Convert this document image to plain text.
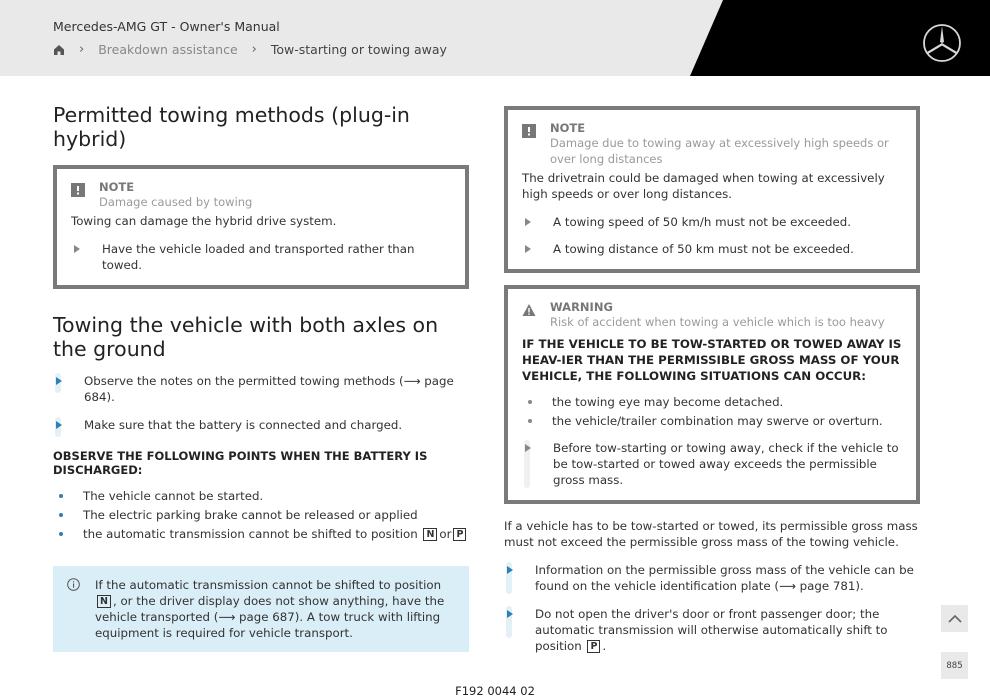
Mercedes-AMG GT - Owner's Manual
› Breakdown assistance › Tow-starting or towing away
Permitted towing methods (plug-in hybrid)
NOTE
Damage caused by towing
Towing can damage the hybrid drive system.
Have the vehicle loaded and transported rather than towed.
Towing the vehicle with both axles on the ground
Observe the notes on the permitted towing methods (⟶ page 684).
Make sure that the battery is connected and charged.
OBSERVE THE FOLLOWING POINTS WHEN THE BATTERY IS DISCHARGED:
The vehicle cannot be started.
The electric parking brake cannot be released or applied
the automatic transmission cannot be shifted to position N or P
If the automatic transmission cannot be shifted to position N , or the driver display does not show anything, have the vehicle transported (⟶ page 687). A tow truck with lifting equipment is required for vehicle transport.
NOTE
Damage due to towing away at excessively high speeds or over long distances
The drivetrain could be damaged when towing at excessively high speeds or over long distances.
A towing speed of 50 km/h must not be exceeded.
A towing distance of 50 km must not be exceeded.
WARNING
Risk of accident when towing a vehicle which is too heavy
IF THE VEHICLE TO BE TOW-STARTED OR TOWED AWAY IS HEAV-IER THAN THE PERMISSIBLE GROSS MASS OF YOUR VEHICLE, THE FOLLOWING SITUATIONS CAN OCCUR:
the towing eye may become detached.
the vehicle/trailer combination may swerve or overturn.
Before tow-starting or towing away, check if the vehicle to be tow-started or towed away exceeds the permissible gross mass.
If a vehicle has to be tow-started or towed, its permissible gross mass must not exceed the permissible gross mass of the towing vehicle.
Information on the permissible gross mass of the vehicle can be found on the vehicle identification plate (⟶ page 781).
Do not open the driver's door or front passenger door; the automatic transmission will otherwise automatically shift to position P .
885
F192 0044 02
